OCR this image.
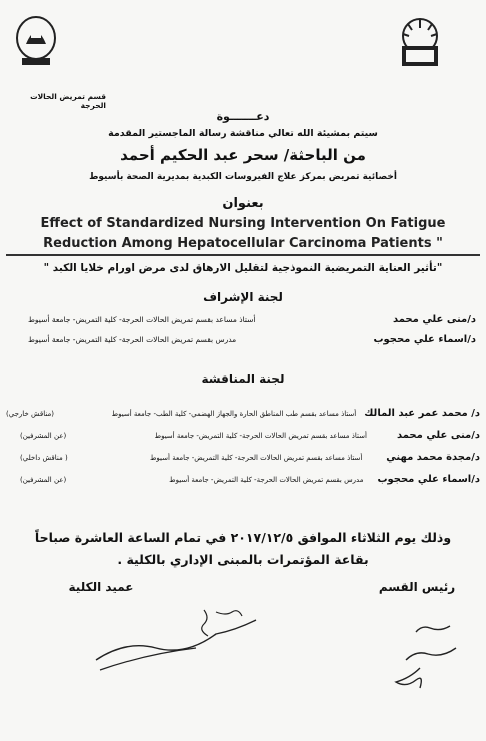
قسم تمريض الحالات الحرجة
دعـــــــوة
سيتم بمشيئة الله تعالي مناقشة رسالة الماجستير المقدمة
من الباحثة/ سحر عبد الحكيم أحمد
أخصائية تمريض بمركز علاج الفيروسات الكبدية بمديرية الصحة بأسيوط
بعنوان
Effect of Standardized Nursing Intervention On Fatigue
Reduction Among Hepatocellular Carcinoma Patients "
"تأثير العناية التمريضية النموذجية لتقليل الارهاق لدى مرض اورام خلايا الكبد "
لجنة الإشراف
د/منى علي محمد
أستاذ مساعد بقسم تمريض الحالات الحرجة- كلية التمريض- جامعة أسيوط
د/اسماء علي محجوب
مدرس بقسم تمريض الحالات الحرجة- كلية التمريض- جامعة أسيوط
لجنة المناقشة
د/ محمد عمر عبد المالك
أستاذ مساعد بقسم طب المناطق الحارة والجهاز الهضمي- كلية الطب- جامعة أسيوط
(مناقش خارجي)
د/منى علي محمد
أستاذ مساعد بقسم تمريض الحالات الحرجة- كلية التمريض- جامعة أسيوط
(عن المشرفين)
د/مجدة محمد مهني
أستاذ مساعد بقسم تمريض الحالات الحرجة- كلية التمريض- جامعة أسيوط
( مناقش داخلي)
د/اسماء علي محجوب
مدرس بقسم تمريض الحالات الحرجة- كلية التمريض- جامعة أسيوط
(عن المشرفين)
وذلك يوم الثلاثاء الموافق ٢٠١٧/١٢/٥ في تمام الساعة العاشرة صباحاً
بقاعة المؤتمرات بالمبنى الإداري بالكلية .
رئيس القسم
عميد الكلية
